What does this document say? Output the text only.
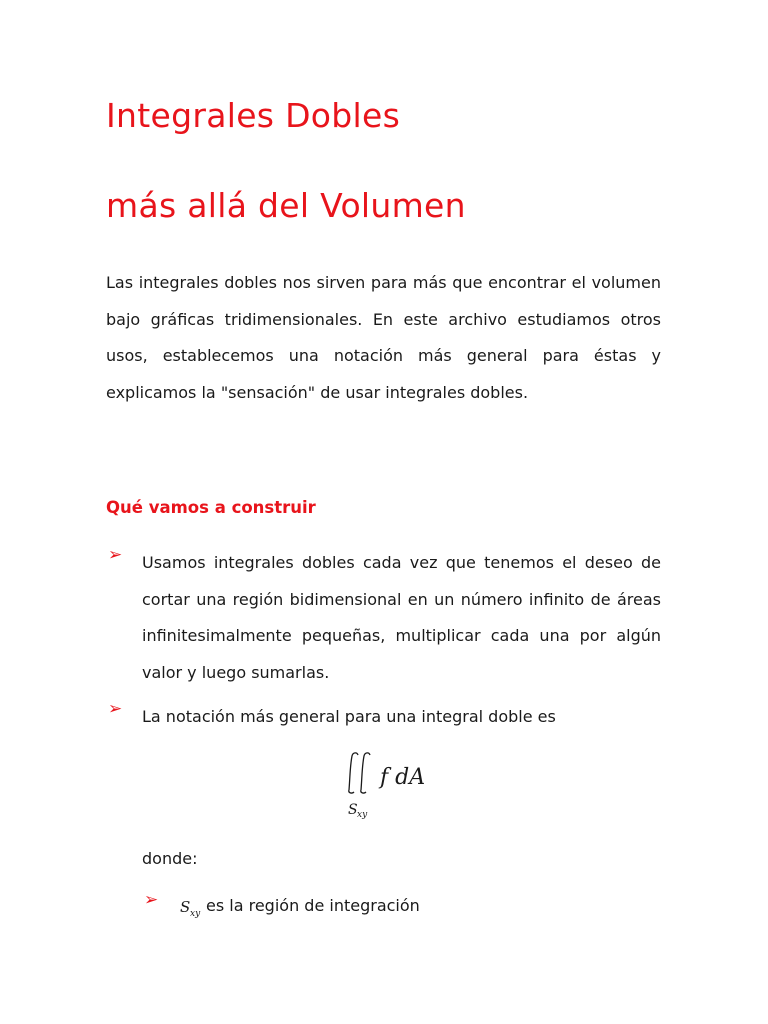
Integrales Dobles
más allá del Volumen

Las integrales dobles nos sirven para más que encontrar el volumen bajo gráficas tridimensionales. En este archivo estudiamos otros usos, establecemos una notación más general para éstas y explicamos la "sensación" de usar integrales dobles.

Qué vamos a construir
➢ Usamos integrales dobles cada vez que tenemos el deseo de cortar una región bidimensional en un número infinito de áreas infinitesimalmente pequeñas, multiplicar cada una por algún valor y luego sumarlas.

➢ La notación más general para una integral doble es

f dA
S xy

donde:

➢ S xy es la región de integración
